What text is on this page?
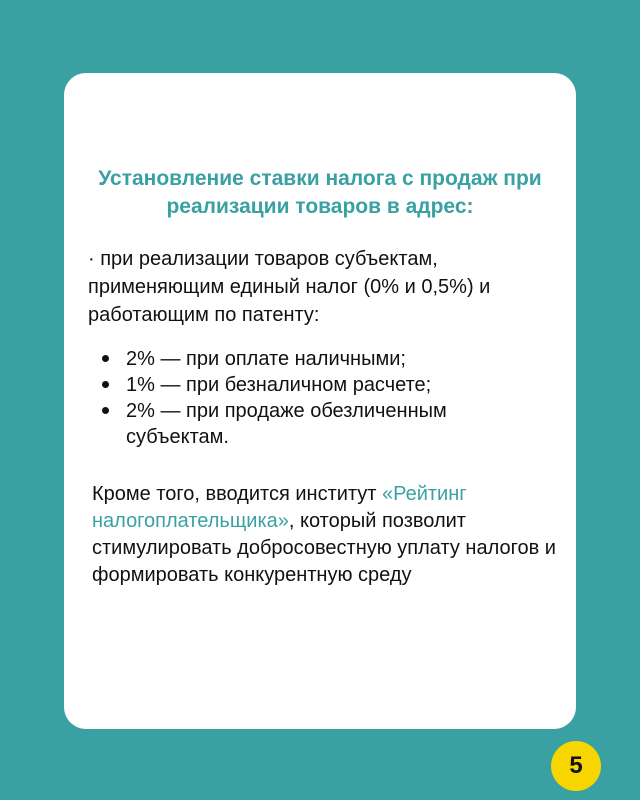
Установление ставки налога с продаж при
реализации товаров в адрес:

· при реализации товаров субъектам,
применяющим единый налог (0% и 0,5%) и
работающим по патенту:

2% — при оплате наличными;
1% — при безналичном расчете;
2% — при продаже обезличенным
субъектам.

Кроме того, вводится институт «Рейтинг налогоплательщика», который позволит стимулировать добросовестную уплату налогов и формировать конкурентную среду

5
